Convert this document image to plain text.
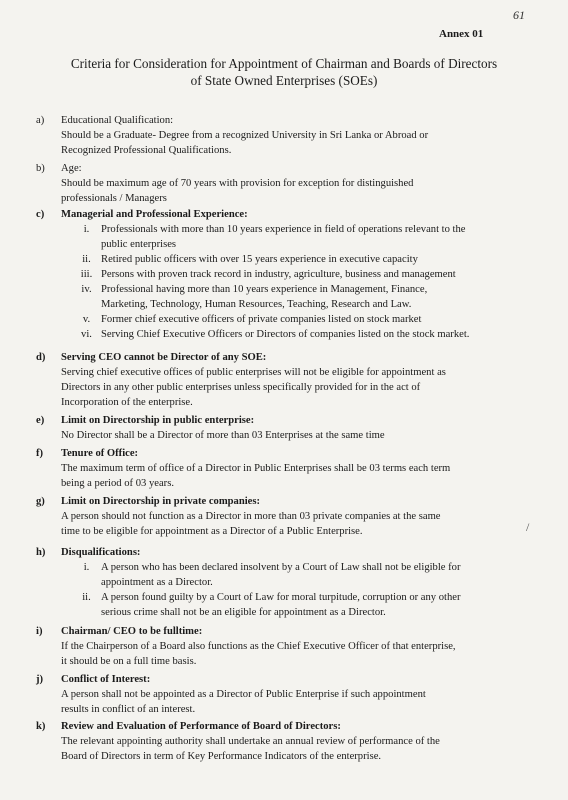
61
Annex 01
Criteria for Consideration for Appointment of Chairman and Boards of Directors
of State Owned Enterprises (SOEs)
a)	Educational Qualification:
Should be a Graduate- Degree from a recognized University in Sri Lanka or Abroad or
Recognized Professional Qualifications.
b)	Age:
Should be maximum age of 70 years with provision for exception for distinguished
professionals / Managers
c)	Managerial and Professional Experience:
i.	Professionals with more than 10 years experience in field of operations relevant to the
public enterprises
ii. Retired public officers with over 15 years experience in executive capacity
iii. Persons with proven track record in industry, agriculture, business and management
iv. Professional having more than 10 years experience in Management, Finance,
Marketing, Technology, Human Resources, Teaching, Research and Law.
v.	Former chief executive officers of private companies listed on stock market
vi. Serving Chief Executive Officers or Directors of companies listed on the stock market.
d)	Serving CEO cannot be Director of any SOE:
Serving chief executive offices of public enterprises will not be eligible for appointment as
Directors in any other public enterprises unless specifically provided for in the act of
Incorporation of the enterprise.
e)	Limit on Directorship in public enterprise:
No Director shall be a Director of more than 03 Enterprises at the same time
f)	Tenure of Office:
The maximum term of office of a Director in Public Enterprises shall be 03 terms each term
being a period of 03 years.
g)	Limit on Directorship in private companies:
A person should not function as a Director in more than 03 private companies at the same
time to be eligible for appointment as a Director of a Public Enterprise.
h)	Disqualifications:
i.	A person who has been declared insolvent by a Court of Law shall not be eligible for
appointment as a Director.
ii. A person found guilty by a Court of Law for moral turpitude, corruption or any other
serious crime shall not be an eligible for appointment as a Director.
i)	Chairman/ CEO to be fulltime:
If the Chairperson of a Board also functions as the Chief Executive Officer of that enterprise,
it should be on a full time basis.
j)	Conflict of Interest:
A person shall not be appointed as a Director of Public Enterprise if such appointment
results in conflict of an interest.
k)	Review and Evaluation of Performance of Board of Directors:
The relevant appointing authority shall undertake an annual review of performance of the
Board of Directors in term of Key Performance Indicators of the enterprise.
/
